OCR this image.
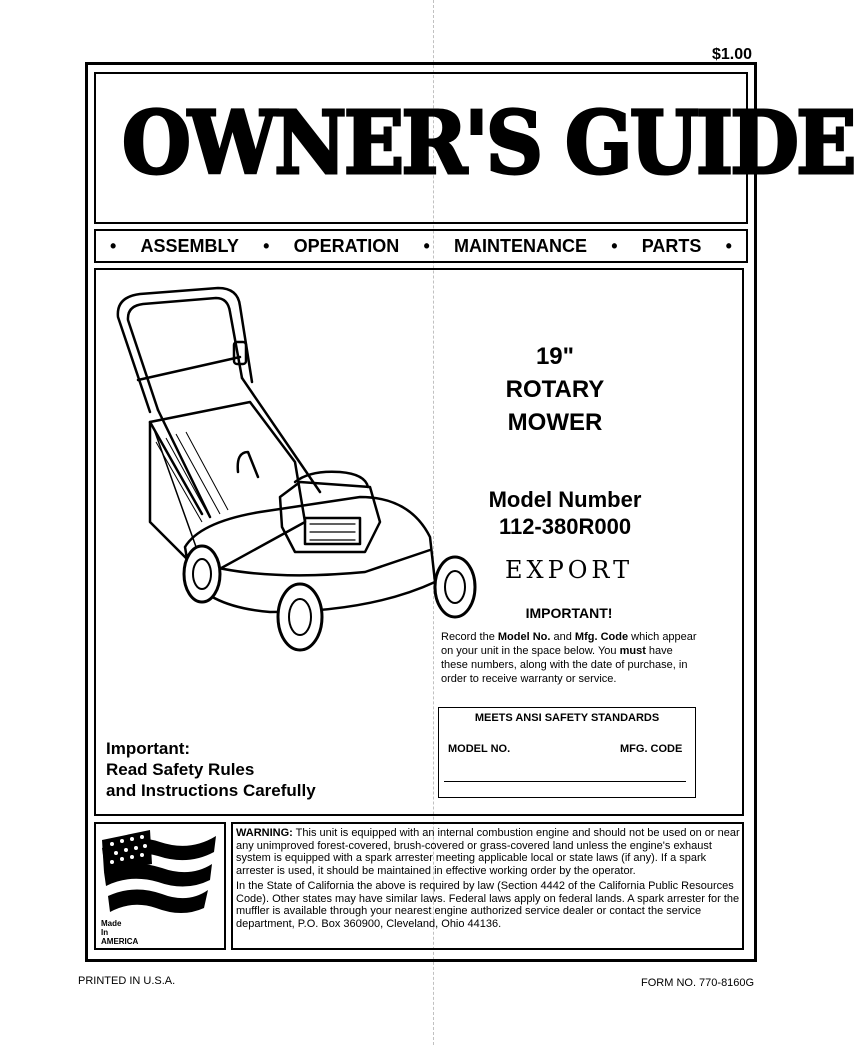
$1.00
OWNER'S GUIDE
• ASSEMBLY • OPERATION • MAINTENANCE • PARTS •
19"
ROTARY
MOWER
Model Number
112-380R000
EXPORT
IMPORTANT!
Record the Model No. and Mfg. Code which appear on your unit in the space below. You must have these numbers, along with the date of purchase, in order to receive warranty or service.
MEETS ANSI SAFETY STANDARDS
MODEL NO.	MFG. CODE
Important:
Read Safety Rules
and Instructions Carefully
Made
In
AMERICA

WARNING: This unit is equipped with an internal combustion engine and should not be used on or near any unimproved forest-covered, brush-covered or grass-covered land unless the engine's exhaust system is equipped with a spark arrester meeting applicable local or state laws (if any). If a spark arrester is used, it should be maintained in effective working order by the operator.

In the State of California the above is required by law (Section 4442 of the California Public Resources Code). Other states may have similar laws. Federal laws apply on federal lands. A spark arrester for the muffler is available through your nearest engine authorized service dealer or contact the service department, P.O. Box 360900, Cleveland, Ohio 44136.

PRINTED IN U.S.A.	FORM NO. 770-8160G
